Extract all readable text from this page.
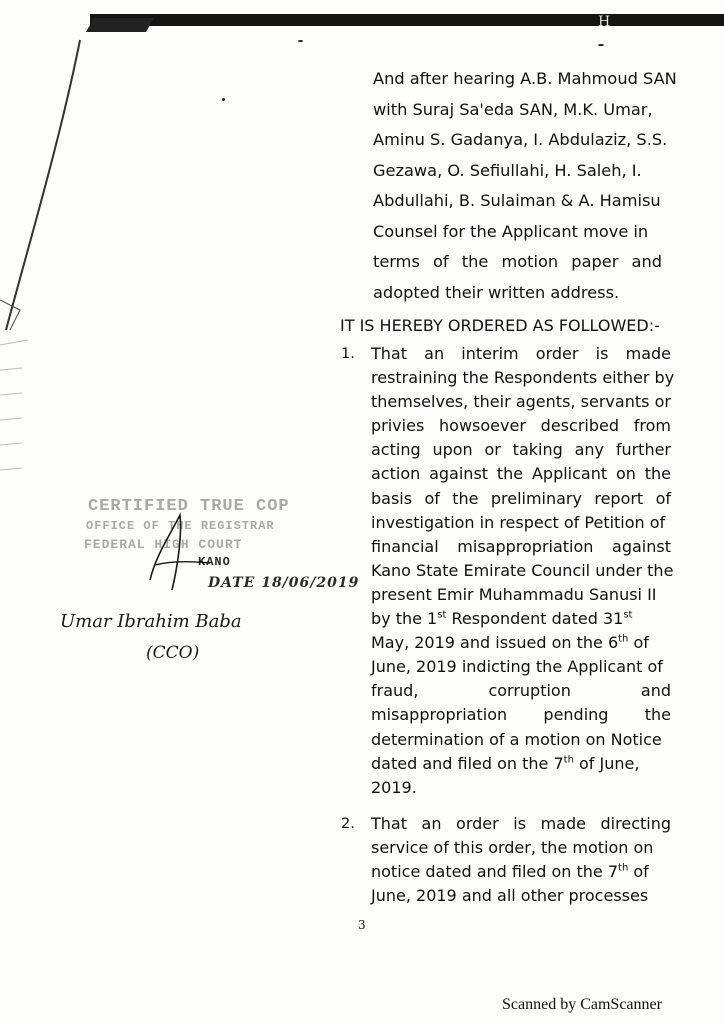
H
And after hearing A.B. Mahmoud SAN
with Suraj Sa'eda SAN, M.K. Umar,
Aminu S. Gadanya, I. Abdulaziz, S.S.
Gezawa, O. Sefiullahi, H. Saleh, I.
Abdullahi, B. Sulaiman & A. Hamisu
Counsel for the Applicant move in
terms of the motion paper and
adopted their written address.
IT IS HEREBY ORDERED AS FOLLOWED:-
1. That an interim order is made
restraining the Respondents either by
themselves, their agents, servants or
privies howsoever described from
acting upon or taking any further
action against the Applicant on the
basis of the preliminary report of
investigation in respect of Petition of
financial misappropriation against
Kano State Emirate Council under the
present Emir Muhammadu Sanusi II
by the 1st Respondent dated 31st
May, 2019 and issued on the 6th of
June, 2019 indicting the Applicant of
fraud, corruption and
misappropriation pending the
determination of a motion on Notice
dated and filed on the 7th of June,
2019.
2. That an order is made directing
service of this order, the motion on
notice dated and filed on the 7th of
June, 2019 and all other processes
CERTIFIED TRUE COP
OFFICE OF THE REGISTRAR
FEDERAL HIGH COURT
KANO
DATE 18/06/2019
Umar Ibrahim Baba
(CCO)
3
Scanned by CamScanner
